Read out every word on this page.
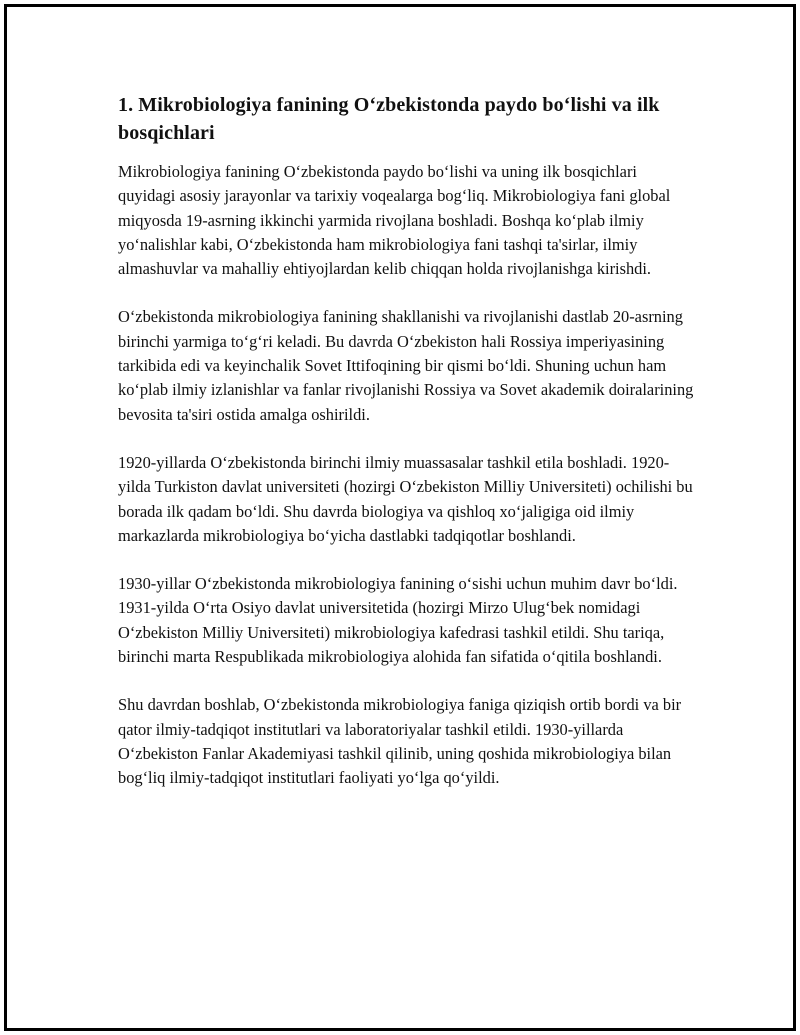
1. Mikrobiologiya fanining O‘zbekistonda paydo bo‘lishi va ilk bosqichlari

Mikrobiologiya fanining O‘zbekistonda paydo bo‘lishi va uning ilk bosqichlari quyidagi asosiy jarayonlar va tarixiy voqealarga bog‘liq. Mikrobiologiya fani global miqyosda 19-asrning ikkinchi yarmida rivojlana boshladi. Boshqa ko‘plab ilmiy yo‘nalishlar kabi, O‘zbekistonda ham mikrobiologiya fani tashqi ta'sirlar, ilmiy almashuvlar va mahalliy ehtiyojlardan kelib chiqqan holda rivojlanishga kirishdi.

O‘zbekistonda mikrobiologiya fanining shakllanishi va rivojlanishi dastlab 20-asrning birinchi yarmiga to‘g‘ri keladi. Bu davrda O‘zbekiston hali Rossiya imperiyasining tarkibida edi va keyinchalik Sovet Ittifoqining bir qismi bo‘ldi. Shuning uchun ham ko‘plab ilmiy izlanishlar va fanlar rivojlanishi Rossiya va Sovet akademik doiralarining bevosita ta'siri ostida amalga oshirildi.

1920-yillarda O‘zbekistonda birinchi ilmiy muassasalar tashkil etila boshladi. 1920-yilda Turkiston davlat universiteti (hozirgi O‘zbekiston Milliy Universiteti) ochilishi bu borada ilk qadam bo‘ldi. Shu davrda biologiya va qishloq xo‘jaligiga oid ilmiy markazlarda mikrobiologiya bo‘yicha dastlabki tadqiqotlar boshlandi.

1930-yillar O‘zbekistonda mikrobiologiya fanining o‘sishi uchun muhim davr bo‘ldi. 1931-yilda O‘rta Osiyo davlat universitetida (hozirgi Mirzo Ulug‘bek nomidagi O‘zbekiston Milliy Universiteti) mikrobiologiya kafedrasi tashkil etildi. Shu tariqa, birinchi marta Respublikada mikrobiologiya alohida fan sifatida o‘qitila boshlandi.

Shu davrdan boshlab, O‘zbekistonda mikrobiologiya faniga qiziqish ortib bordi va bir qator ilmiy-tadqiqot institutlari va laboratoriyalar tashkil etildi. 1930-yillarda O‘zbekiston Fanlar Akademiyasi tashkil qilinib, uning qoshida mikrobiologiya bilan bog‘liq ilmiy-tadqiqot institutlari faoliyati yo‘lga qo‘yildi.
